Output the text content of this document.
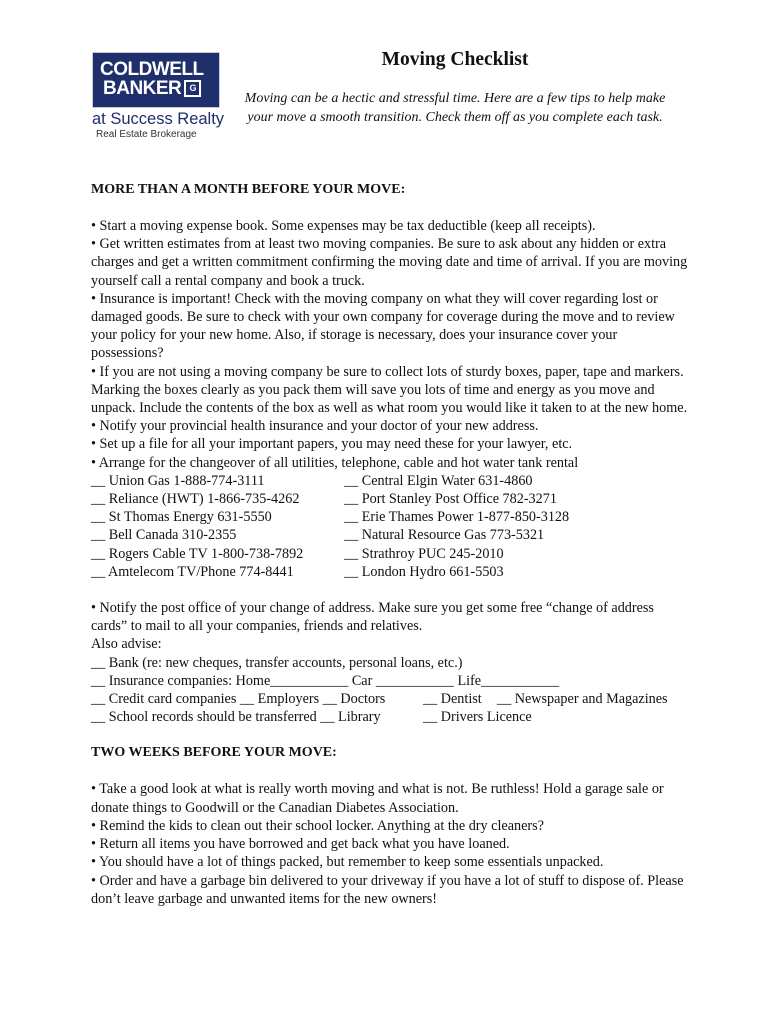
COLDWELL
BANKER G
at Success Realty
Real Estate Brokerage
Moving Checklist

Moving can be a hectic and stressful time. Here are a few tips to help make your move a smooth transition. Check them off as you complete each task.

MORE THAN A MONTH BEFORE YOUR MOVE:

• Start a moving expense book. Some expenses may be tax deductible (keep all receipts).

• Get written estimates from at least two moving companies. Be sure to ask about any hidden or extra charges and get a written commitment confirming the moving date and time of arrival. If you are moving yourself call a rental company and book a truck.

• Insurance is important! Check with the moving company on what they will cover regarding lost or damaged goods. Be sure to check with your own company for coverage during the move and to review your policy for your new home. Also, if storage is necessary, does your insurance cover your possessions?

• If you are not using a moving company be sure to collect lots of sturdy boxes, paper, tape and markers. Marking the boxes clearly as you pack them will save you lots of time and energy as you move and unpack. Include the contents of the box as well as what room you would like it taken to at the new home.

• Notify your provincial health insurance and your doctor of your new address.

• Set up a file for all your important papers, you may need these for your lawyer, etc.

• Arrange for the changeover of all utilities, telephone, cable and hot water tank rental

__ Union Gas 1-888-774-3111	__ Central Elgin Water 631-4860
__ Reliance (HWT) 1-866-735-4262	__ Port Stanley Post Office 782-3271
__ St Thomas Energy 631-5550	__ Erie Thames Power 1-877-850-3128
__ Bell Canada 310-2355	__ Natural Resource Gas 773-5321
__ Rogers Cable TV 1-800-738-7892	__ Strathroy PUC 245-2010
__ Amtelecom TV/Phone 774-8441	__ London Hydro 661-5503

• Notify the post office of your change of address. Make sure you get some free “change of address cards” to mail to all your companies, friends and relatives.

Also advise:

__ Bank (re: new cheques, transfer accounts, personal loans, etc.)

__ Insurance companies: Home___________ Car ___________ Life___________

__ Credit card companies __ Employers __ Doctors	__ Dentist	__ Newspaper and Magazines
__ School records should be transferred __ Library	__ Drivers Licence
TWO WEEKS BEFORE YOUR MOVE:

• Take a good look at what is really worth moving and what is not. Be ruthless! Hold a garage sale or donate things to Goodwill or the Canadian Diabetes Association.

• Remind the kids to clean out their school locker. Anything at the dry cleaners?

• Return all items you have borrowed and get back what you have loaned.

• You should have a lot of things packed, but remember to keep some essentials unpacked.

• Order and have a garbage bin delivered to your driveway if you have a lot of stuff to dispose of. Please don’t leave garbage and unwanted items for the new owners!
